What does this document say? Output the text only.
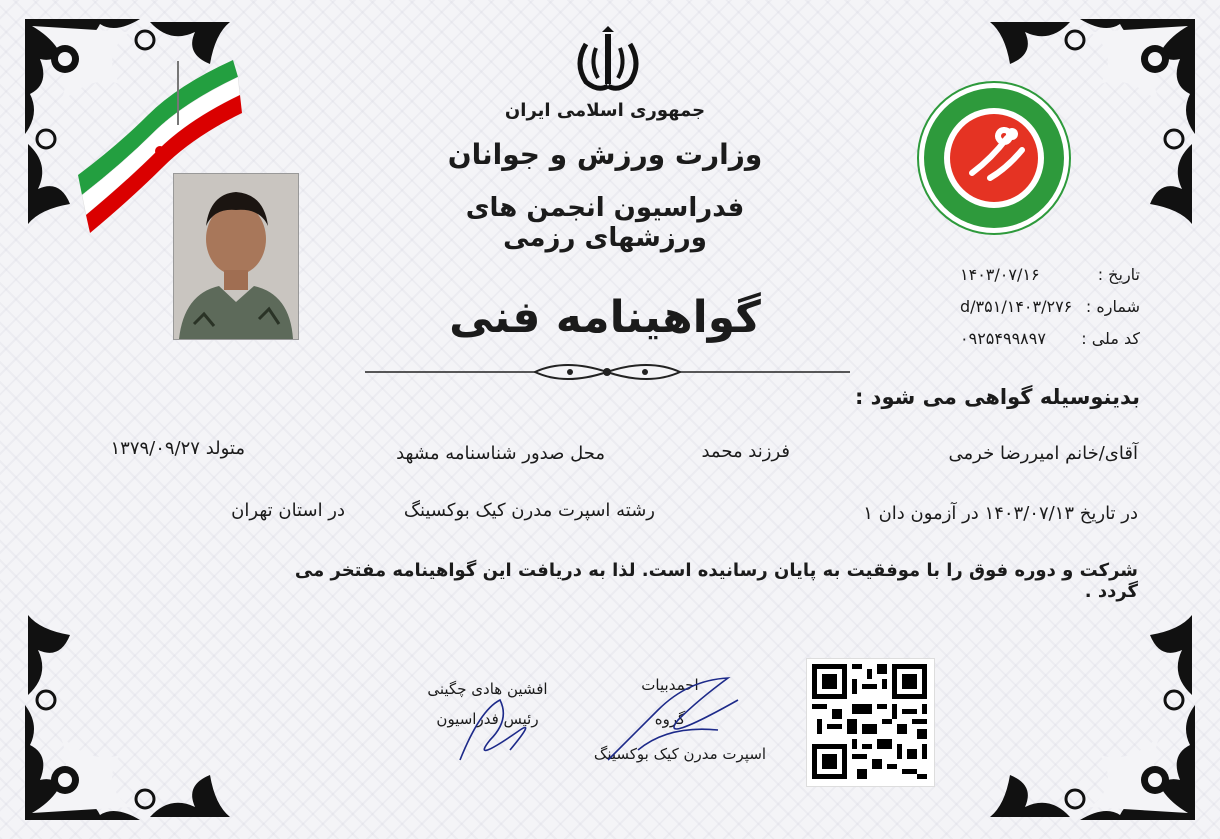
جمهوری اسلامی ایران
وزارت ورزش و جوانان
فدراسیون انجمن های ورزشهای رزمی
گواهینامه فنی
تاریخ :
۱۴۰۳/۰۷/۱۶
شماره :
۱۴۰۳/۲۷۶/d/۳۵۱
کد ملی :
۰۹۲۵۴۹۹۸۹۷
بدینوسیله گواهی می شود :
آقای/خانم امیررضا خرمی
فرزند محمد
محل صدور شناسنامه مشهد
متولد ۱۳۷۹/۰۹/۲۷
در تاریخ ۱۴۰۳/۰۷/۱۳ در آزمون دان ۱
رشته اسپرت مدرن کیک بوکسینگ
در استان تهران
شرکت و دوره فوق را با موفقیت به پایان رسانیده است. لذا به دریافت این گواهینامه مفتخر می گردد .
افشین هادی چگینی
رئیس فدراسیون
احمدبیات
گروه
اسپرت مدرن کیک بوکسینگ
